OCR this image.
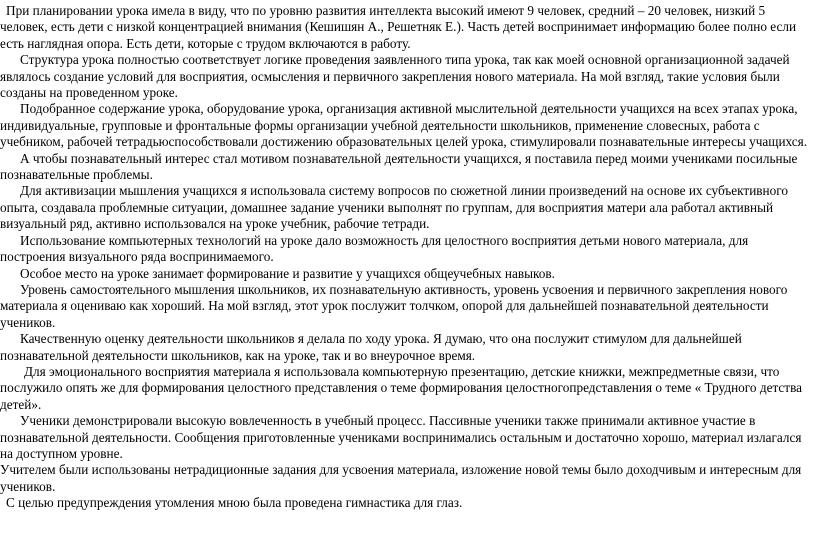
При планировании урока имела в виду, что по уровню развития интеллекта высокий имеют 9 человек, средний – 20 человек, низкий 5 человек, есть дети с низкой концентрацией внимания (Кешишян А., Решетняк Е.). Часть детей воспринимает информацию более полно если есть наглядная опора. Есть дети, которые с трудом включаются в работу.

Структура урока полностью соответствует логике проведения заявленного типа урока, так как моей основной организационной задачей являлось создание условий для восприятия, осмысления и первичного закрепления нового материала. На мой взгляд, такие условия были созданы на проведенном уроке.

Подобранное содержание урока, оборудование урока, организация активной мыслительной деятельности учащихся на всех этапах урока, индивидуальные, групповые и фронтальные формы организации учебной деятельности школьников, применение словесных, работа с учебником, рабочей тетрадьюспособствовали достижению образовательных целей урока, стимулировали познавательные интересы учащихся.

А чтобы познавательный интерес стал мотивом познавательной деятельности учащихся, я поставила перед моими учениками посильные познавательные проблемы.

Для активизации мышления учащихся я использовала систему вопросов по сюжетной линии произведений на основе их субъективного опыта, создавала проблемные ситуации, домашнее задание ученики выполнят по группам, для восприятия матери ала работал активный визуальный ряд, активно использовался на уроке учебник, рабочие тетради.

Использование компьютерных технологий на уроке дало возможность для целостного восприятия детьми нового материала, для построения визуального ряда воспринимаемого.

Особое место на уроке занимает формирование и развитие у учащихся общеучебных навыков.

Уровень самостоятельного мышления школьников, их познавательную активность, уровень усвоения и первичного закрепления нового материала я оцениваю как хороший. На мой взгляд, этот урок послужит толчком, опорой для дальнейшей познавательной деятельности учеников.

Качественную оценку деятельности школьников я делала по ходу урока. Я думаю, что она послужит стимулом для дальнейшей познавательной деятельности школьников, как на уроке, так и во внеурочное время.

Для эмоционального восприятия материала я использовала компьютерную презентацию, детские книжки, межпредметные связи, что послужило опять же для формирования целостного представления о теме формирования целостногопредставления о теме « Трудного детства детей».

Ученики демонстрировали высокую вовлеченность в учебный процесс. Пассивные ученики также принимали активное участие в познавательной деятельности. Сообщения приготовленные учениками воспринимались остальным и достаточно хорошо, материал излагался на доступном уровне.

Учителем были использованы нетрадиционные задания для усвоения материала, изложение новой темы было доходчивым и интересным для учеников.

С целью предупреждения утомления мною была проведена гимнастика для глаз.
